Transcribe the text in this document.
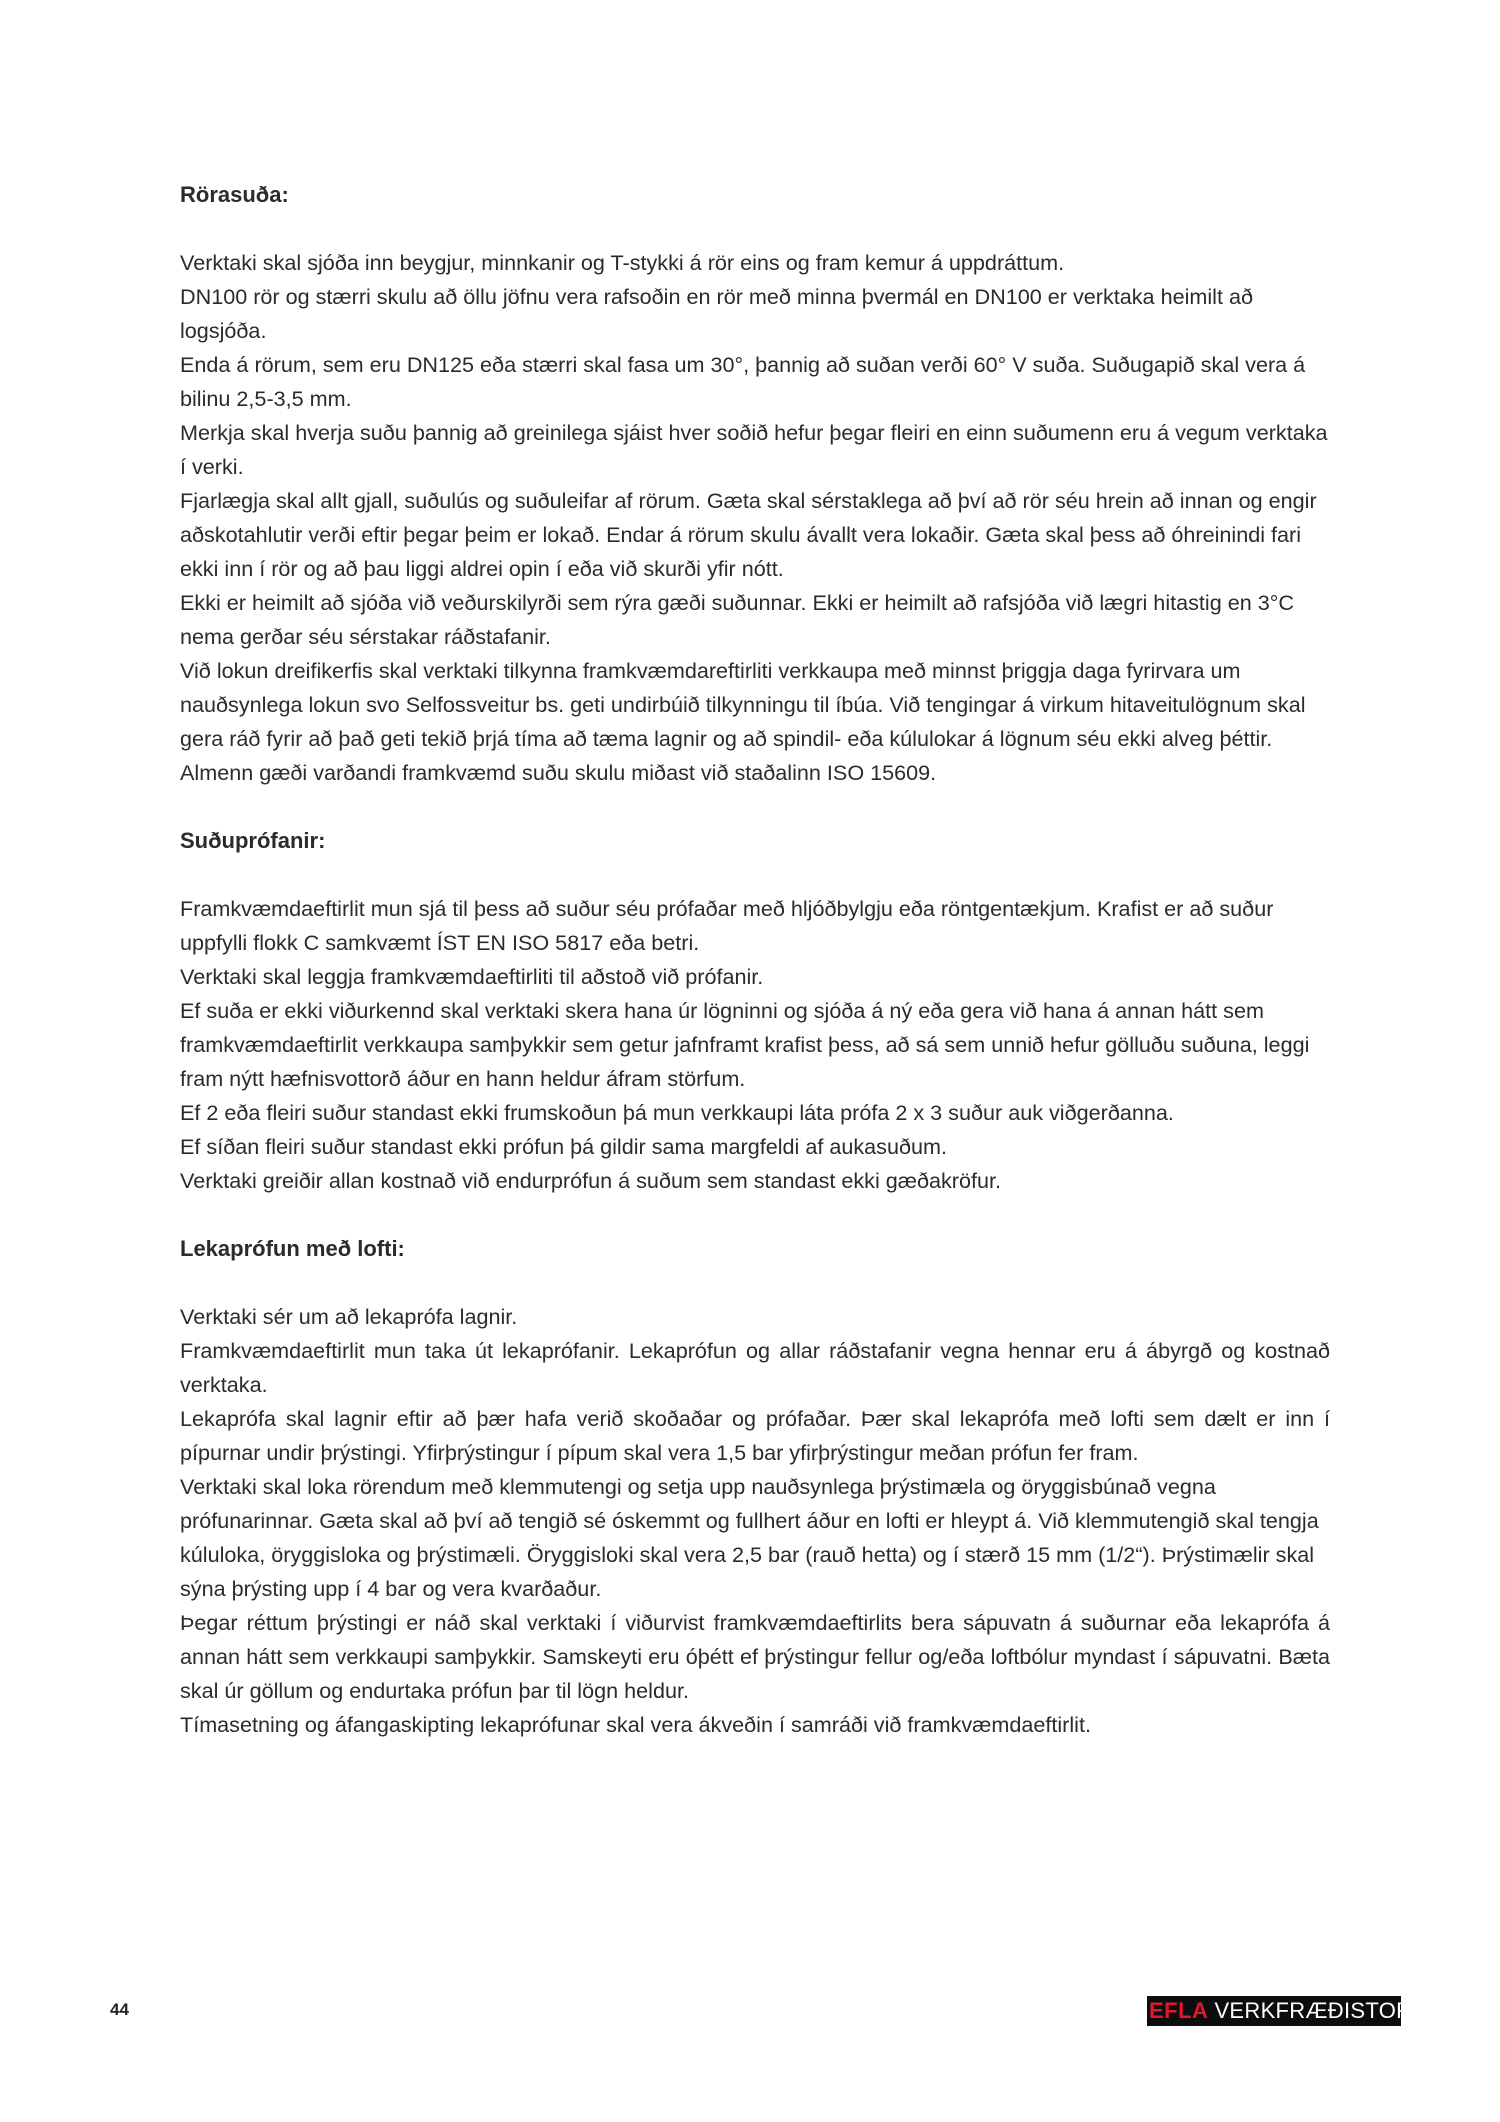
Rörasuða:

Verktaki skal sjóða inn beygjur, minnkanir og T-stykki á rör eins og fram kemur á uppdráttum.

DN100 rör og stærri skulu að öllu jöfnu vera rafsoðin en rör með minna þvermál en DN100 er verktaka heimilt að logsjóða.

Enda á rörum, sem eru DN125 eða stærri skal fasa um 30°, þannig að suðan verði 60° V suða. Suðugapið skal vera á bilinu 2,5-3,5 mm.

Merkja skal hverja suðu þannig að greinilega sjáist hver soðið hefur þegar fleiri en einn suðumenn eru á vegum verktaka í verki.

Fjarlægja skal allt gjall, suðulús og suðuleifar af rörum. Gæta skal sérstaklega að því að rör séu hrein að innan og engir aðskotahlutir verði eftir þegar þeim er lokað. Endar á rörum skulu ávallt vera lokaðir. Gæta skal þess að óhreinindi fari ekki inn í rör og að þau liggi aldrei opin í eða við skurði yfir nótt.

Ekki er heimilt að sjóða við veðurskilyrði sem rýra gæði suðunnar. Ekki er heimilt að rafsjóða við lægri hitastig en 3°C nema gerðar séu sérstakar ráðstafanir.

Við lokun dreifikerfis skal verktaki tilkynna framkvæmdareftirliti verkkaupa með minnst þriggja daga fyrirvara um nauðsynlega lokun svo Selfossveitur bs. geti undirbúið tilkynningu til íbúa. Við tengingar á virkum hitaveitulögnum skal gera ráð fyrir að það geti tekið þrjá tíma að tæma lagnir og að spindil- eða kúlulokar á lögnum séu ekki alveg þéttir.

Almenn gæði varðandi framkvæmd suðu skulu miðast við staðalinn ISO 15609.

Suðuprófanir:

Framkvæmdaeftirlit mun sjá til þess að suður séu prófaðar með hljóðbylgju eða röntgentækjum. Krafist er að suður uppfylli flokk C samkvæmt ÍST EN ISO 5817 eða betri.

Verktaki skal leggja framkvæmdaeftirliti til aðstoð við prófanir.

Ef suða er ekki viðurkennd skal verktaki skera hana úr lögninni og sjóða á ný eða gera við hana á annan hátt sem framkvæmdaeftirlit verkkaupa samþykkir sem getur jafnframt krafist þess, að sá sem unnið hefur gölluðu suðuna, leggi fram nýtt hæfnisvottorð áður en hann heldur áfram störfum.

Ef 2 eða fleiri suður standast ekki frumskoðun þá mun verkkaupi láta prófa 2 x 3 suður auk viðgerðanna.

Ef síðan fleiri suður standast ekki prófun þá gildir sama margfeldi af aukasuðum.

Verktaki greiðir allan kostnað við endurprófun á suðum sem standast ekki gæðakröfur.

Lekaprófun með lofti:

Verktaki sér um að lekaprófa lagnir.

Framkvæmdaeftirlit mun taka út lekaprófanir. Lekaprófun og allar ráðstafanir vegna hennar eru á ábyrgð og kostnað verktaka.

Lekaprófa skal lagnir eftir að þær hafa verið skoðaðar og prófaðar. Þær skal lekaprófa með lofti sem dælt er inn í pípurnar undir þrýstingi. Yfirþrýstingur í pípum skal vera 1,5 bar yfirþrýstingur meðan prófun fer fram.

Verktaki skal loka rörendum með klemmutengi og setja upp nauðsynlega þrýstimæla og öryggisbúnað vegna prófunarinnar. Gæta skal að því að tengið sé óskemmt og fullhert áður en lofti er hleypt á. Við klemmutengið skal tengja kúluloka, öryggisloka og þrýstimæli. Öryggisloki skal vera 2,5 bar (rauð hetta) og í stærð 15 mm (1/2“). Þrýstimælir skal sýna þrýsting upp í 4 bar og vera kvarðaður.

Þegar réttum þrýstingi er náð skal verktaki í viðurvist framkvæmdaeftirlits bera sápuvatn á suðurnar eða lekaprófa á annan hátt sem verkkaupi samþykkir. Samskeyti eru óþétt ef þrýstingur fellur og/eða loftbólur myndast í sápuvatni. Bæta skal úr göllum og endurtaka prófun þar til lögn heldur.

Tímasetning og áfangaskipting lekaprófunar skal vera ákveðin í samráði við framkvæmdaeftirlit.

44	EFLA VERKFRÆÐISTOFA
